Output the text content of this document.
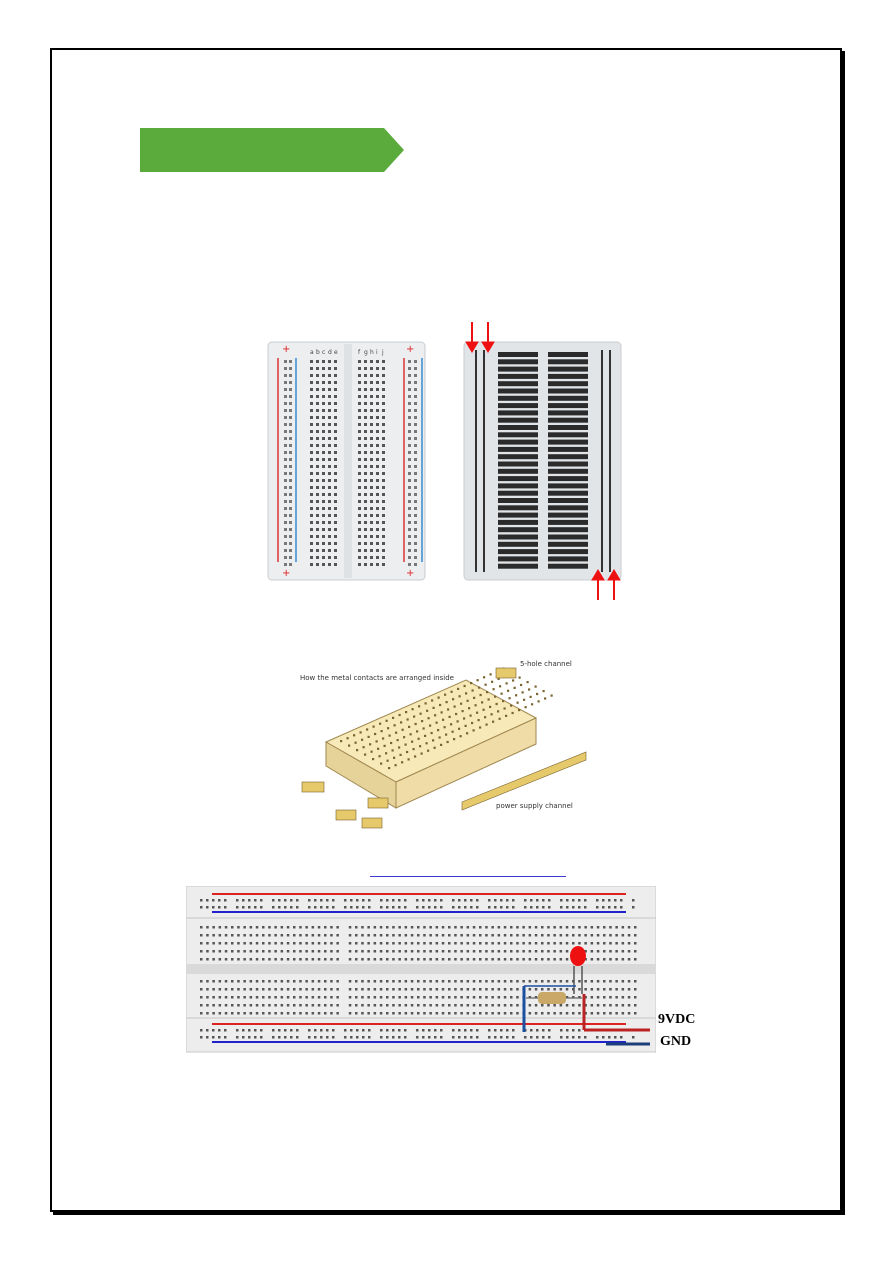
+
+
+
+
a b c d e	f g h i j
How the metal contacts are arranged inside
5-hole channel
power supply channel
9VDC
GND
